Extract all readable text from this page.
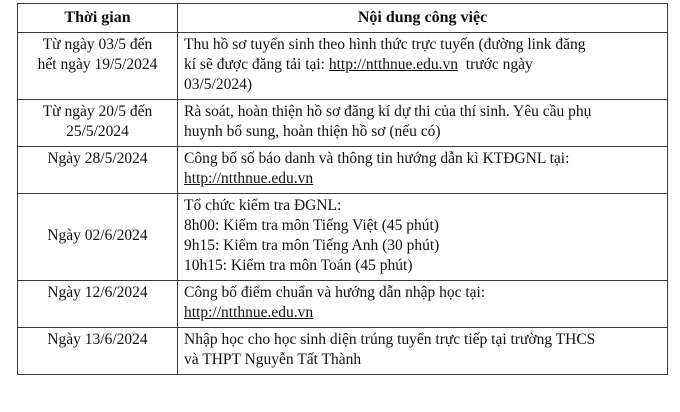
Thời gian	Nội dung công việc

Từ ngày 03/5 đến
hết ngày 19/5/2024	Thu hồ sơ tuyển sinh theo hình thức trực tuyến (đường link đăng
kí sẽ được đăng tải tại: http://ntthnue.edu.vn  trước ngày
03/5/2024)

Từ ngày 20/5 đến
25/5/2024	Rà soát, hoàn thiện hồ sơ đăng kí dự thi của thí sinh. Yêu cầu phụ
huynh bổ sung, hoàn thiện hồ sơ (nếu có)

Ngày 28/5/2024	Công bố số báo danh và thông tin hướng dẫn kì KTĐGNL tại:
http://ntthnue.edu.vn

Ngày 02/6/2024	Tổ chức kiểm tra ĐGNL:
8h00: Kiểm tra môn Tiếng Việt (45 phút)
9h15: Kiểm tra môn Tiếng Anh (30 phút)
10h15: Kiểm tra môn Toán (45 phút)

Ngày 12/6/2024	Công bố điểm chuẩn và hướng dẫn nhập học tại:
http://ntthnue.edu.vn

Ngày 13/6/2024	Nhập học cho học sinh diện trúng tuyển trực tiếp tại trường THCS
và THPT Nguyễn Tất Thành
